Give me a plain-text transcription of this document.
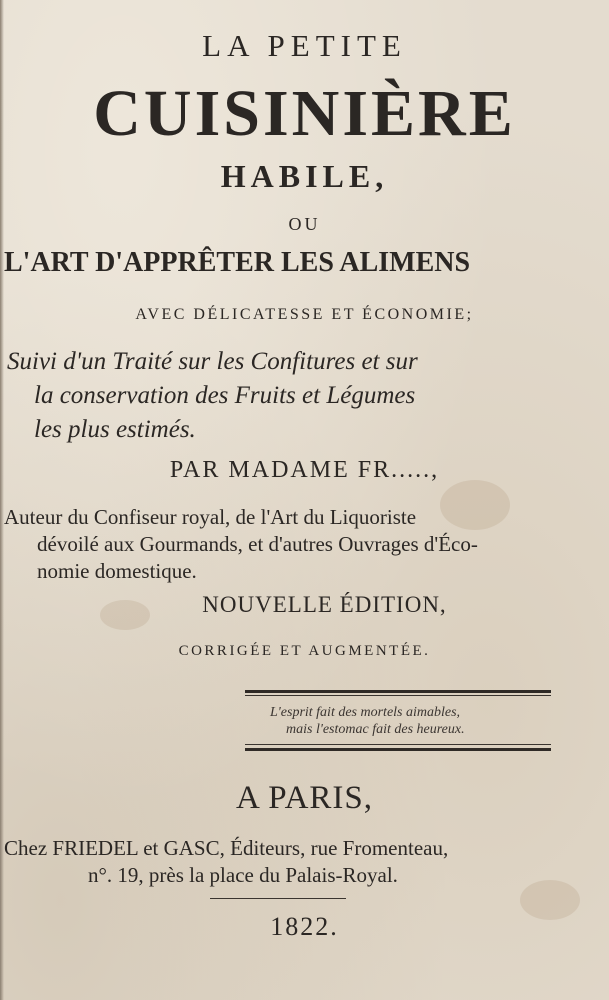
LA PETITE

CUISINIÈRE

HABILE,

OU

L'ART D'APPRÊTER LES ALIMENS

AVEC DÉLICATESSE ET ÉCONOMIE;

Suivi d'un Traité sur les Confitures et sur

la conservation des Fruits et Légumes

les plus estimés.

PAR MADAME FR.....,

Auteur du Confiseur royal, de l'Art du Liquoriste

dévoilé aux Gourmands, et d'autres Ouvrages d'Éco-

nomie domestique.

NOUVELLE ÉDITION,

CORRIGÉE ET AUGMENTÉE.

L'esprit fait des mortels aimables,

mais l'estomac fait des heureux.

A PARIS,

Chez FRIEDEL et GASC, Éditeurs, rue Fromenteau,

n°. 19, près la place du Palais-Royal.

1822.
